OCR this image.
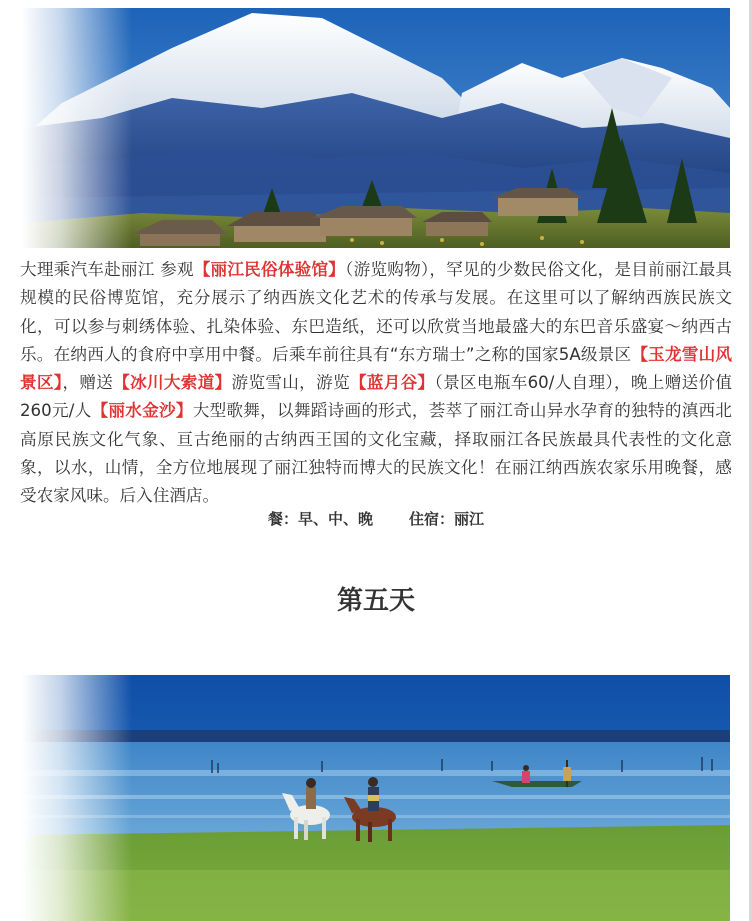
大理乘汽车赴丽江 参观【丽江民俗体验馆】（游览购物），罕见的少数民俗文化，是目前丽江最具规模的民俗博览馆，充分展示了纳西族文化艺术的传承与发展。在这里可以了解纳西族民族文化，可以参与刺绣体验、扎染体验、东巴造纸，还可以欣赏当地最盛大的东巴音乐盛宴～纳西古乐。在纳西人的食府中享用中餐。后乘车前往具有“东方瑞士”之称的国家5A级景区【玉龙雪山风景区】，赠送【冰川大索道】游览雪山，游览【蓝月谷】（景区电瓶车60/人自理），晚上赠送价值260元/人【丽水金沙】大型歌舞，以舞蹈诗画的形式，荟萃了丽江奇山异水孕育的独特的滇西北高原民族文化气象、亘古绝丽的古纳西王国的文化宝藏，择取丽江各民族最具代表性的文化意象，以水，山情，全方位地展现了丽江独特而博大的民族文化！在丽江纳西族农家乐用晚餐，感受农家风味。后入住酒店。

餐：早、中、晚 住宿：丽江
第五天
